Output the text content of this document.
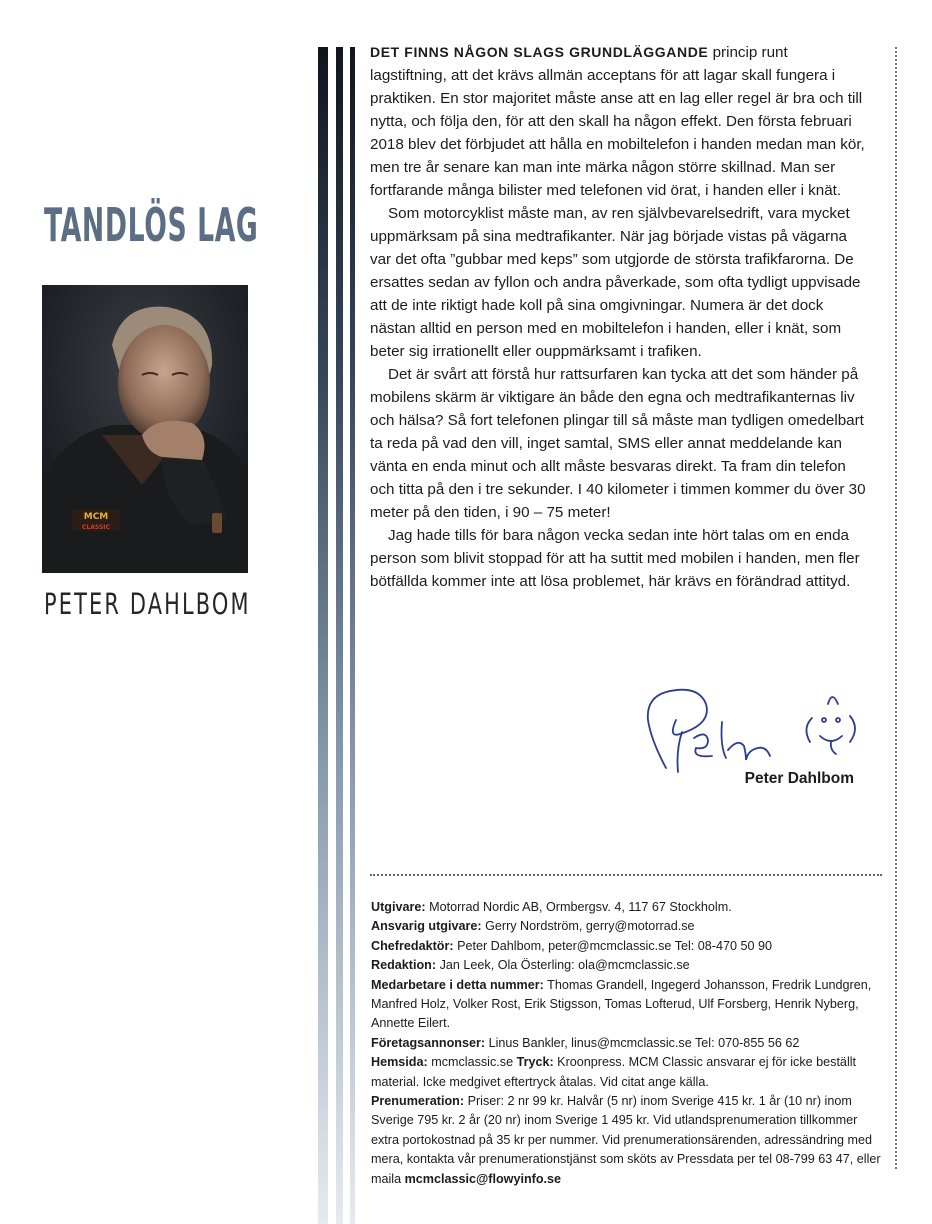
TANDLÖS LAG
MCM
CLASSIC
PETER DAHLBOM

DET FINNS NÅGON SLAGS GRUNDLÄGGANDE princip runt lagstiftning, att det krävs allmän acceptans för att lagar skall fungera i praktiken. En stor majoritet måste anse att en lag eller regel är bra och till nytta, och följa den, för att den skall ha någon effekt. Den första februari 2018 blev det förbjudet att hålla en mobiltelefon i handen medan man kör, men tre år senare kan man inte märka någon större skillnad. Man ser fortfarande många bilister med telefonen vid örat, i handen eller i knät.

Som motorcyklist måste man, av ren självbevarelsedrift, vara mycket uppmärksam på sina medtrafikanter. När jag började vistas på vägarna var det ofta ”gubbar med keps” som utgjorde de största trafikfarorna. De ersattes sedan av fyllon och andra påverkade, som ofta tydligt uppvisade att de inte riktigt hade koll på sina omgivningar. Numera är det dock nästan alltid en person med en mobiltelefon i handen, eller i knät, som beter sig irrationellt eller ouppmärksamt i trafiken.

Det är svårt att förstå hur rattsurfaren kan tycka att det som händer på mobilens skärm är viktigare än både den egna och medtrafikanternas liv och hälsa? Så fort telefonen plingar till så måste man tydligen omedelbart ta reda på vad den vill, inget samtal, SMS eller annat meddelande kan vänta en enda minut och allt måste besvaras direkt. Ta fram din telefon och titta på den i tre sekunder. I 40 kilometer i timmen kommer du över 30 meter på den tiden, i 90 – 75 meter!

Jag hade tills för bara någon vecka sedan inte hört talas om en enda person som blivit stoppad för att ha suttit med mobilen i handen, men fler bötfällda kommer inte att lösa problemet, här krävs en förändrad attityd.

Peter Dahlbom
Utgivare: Motorrad Nordic AB, Ormbergsv. 4, 117 67 Stockholm.
Ansvarig utgivare: Gerry Nordström, gerry@motorrad.se
Chefredaktör: Peter Dahlbom, peter@mcmclassic.se Tel: 08-470 50 90
Redaktion: Jan Leek, Ola Österling: ola@mcmclassic.se
Medarbetare i detta nummer: Thomas Grandell, Ingegerd Johansson, Fredrik Lundgren, Manfred Holz, Volker Rost, Erik Stigsson, Tomas Lofterud, Ulf Forsberg, Henrik Nyberg, Annette Eilert.
Företagsannonser: Linus Bankler, linus@mcmclassic.se Tel: 070-855 56 62
Hemsida: mcmclassic.se Tryck: Kroonpress. MCM Classic ansvarar ej för icke beställt material. Icke medgivet eftertryck åtalas. Vid citat ange källa.
Prenumeration: Priser: 2 nr 99 kr. Halvår (5 nr) inom Sverige 415 kr. 1 år (10 nr) inom Sverige 795 kr. 2 år (20 nr) inom Sverige 1 495 kr. Vid utlandsprenumeration tillkommer extra portokostnad på 35 kr per nummer. Vid prenumerationsärenden, adressändring med mera, kontakta vår prenumerationstjänst som sköts av Pressdata per tel 08-799 63 47, eller maila mcmclassic@flowyinfo.se
